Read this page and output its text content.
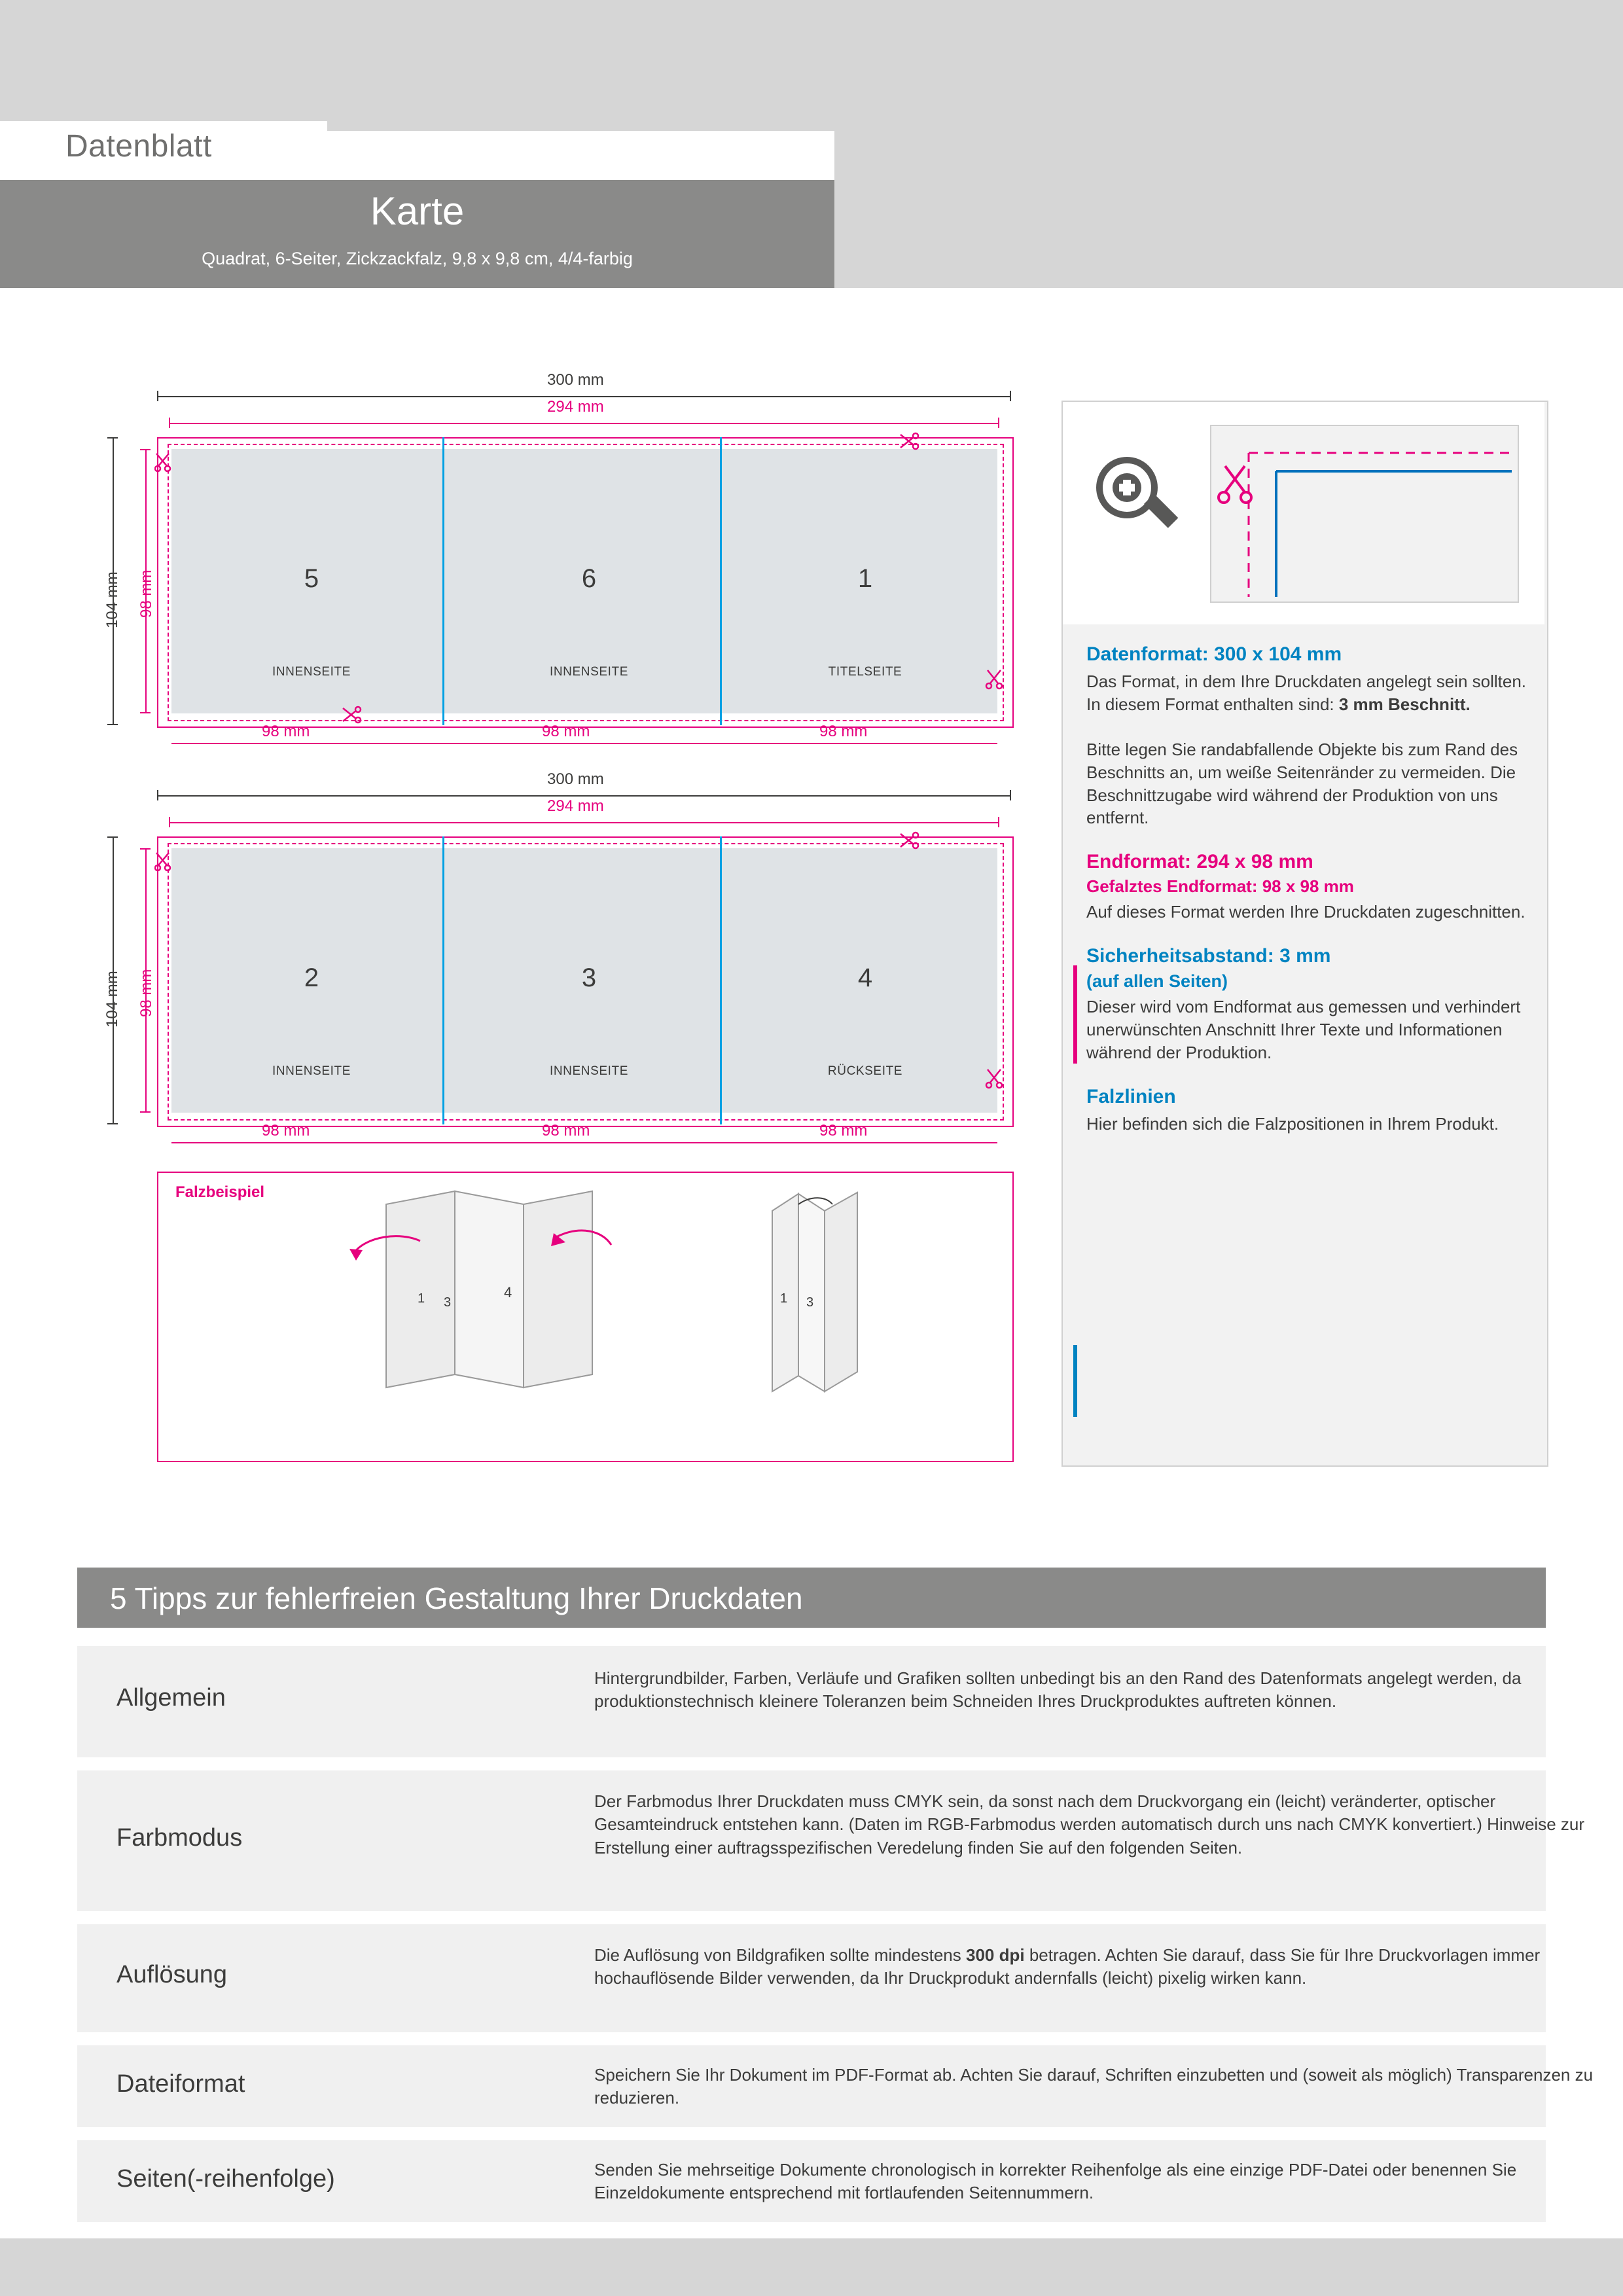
Datenblatt
Karte
Quadrat, 6-Seiter, Zickzackfalz, 9,8 x 9,8 cm, 4/4-farbig
300 mm
294 mm
5	6	1
INNENSEITE	INNENSEITE	TITELSEITE
98 mm	98 mm	98 mm
104 mm 98 mm
300 mm
294 mm
2	3	4
INNENSEITE	INNENSEITE	RÜCKSEITE
98 mm	98 mm	98 mm
104 mm 98 mm
Falzbeispiel
1 3
4	1 3
Datenformat: 300 x 104 mm
Das Format, in dem Ihre Druckdaten angelegt sein sollten. In diesem Format enthalten sind: 3 mm Beschnitt.
Bitte legen Sie randabfallende Objekte bis zum Rand des Beschnitts an, um weiße Seitenränder zu vermeiden. Die Beschnittzugabe wird während der Produktion von uns entfernt.
Endformat: 294 x 98 mm
Gefalztes Endformat: 98 x 98 mm
Auf dieses Format werden Ihre Druckdaten zugeschnitten.
Sicherheitsabstand: 3 mm
(auf allen Seiten)
Dieser wird vom Endformat aus gemessen und verhindert unerwünschten Anschnitt Ihrer Texte und Informationen während der Produktion.
Falzlinien
Hier befinden sich die Falzpositionen in Ihrem Produkt.
5 Tipps zur fehlerfreien Gestaltung Ihrer Druckdaten
Allgemein
Hintergrundbilder, Farben, Verläufe und Grafiken sollten unbedingt bis an den Rand des Datenformats angelegt werden, da produktionstechnisch kleinere Toleranzen beim Schneiden Ihres Druckproduktes auftreten können.
Farbmodus
Der Farbmodus Ihrer Druckdaten muss CMYK sein, da sonst nach dem Druckvorgang ein (leicht) veränderter, optischer Gesamteindruck entstehen kann. (Daten im RGB-Farbmodus werden automatisch durch uns nach CMYK konvertiert.) Hinweise zur Erstellung einer auftragsspezifischen Veredelung finden Sie auf den folgenden Seiten.
Auflösung
Die Auflösung von Bildgrafiken sollte mindestens 300 dpi betragen. Achten Sie darauf, dass Sie für Ihre Druckvorlagen immer hochauflösende Bilder verwenden, da Ihr Druckprodukt andernfalls (leicht) pixelig wirken kann.
Dateiformat	Speichern Sie Ihr Dokument im PDF-Format ab. Achten Sie darauf, Schriften einzubetten und (soweit als möglich) Transparenzen zu reduzieren.
Seiten(-reihenfolge)	Senden Sie mehrseitige Dokumente chronologisch in korrekter Reihenfolge als eine einzige PDF-Datei oder benennen Sie Einzeldokumente entsprechend mit fortlaufenden Seitennummern.
